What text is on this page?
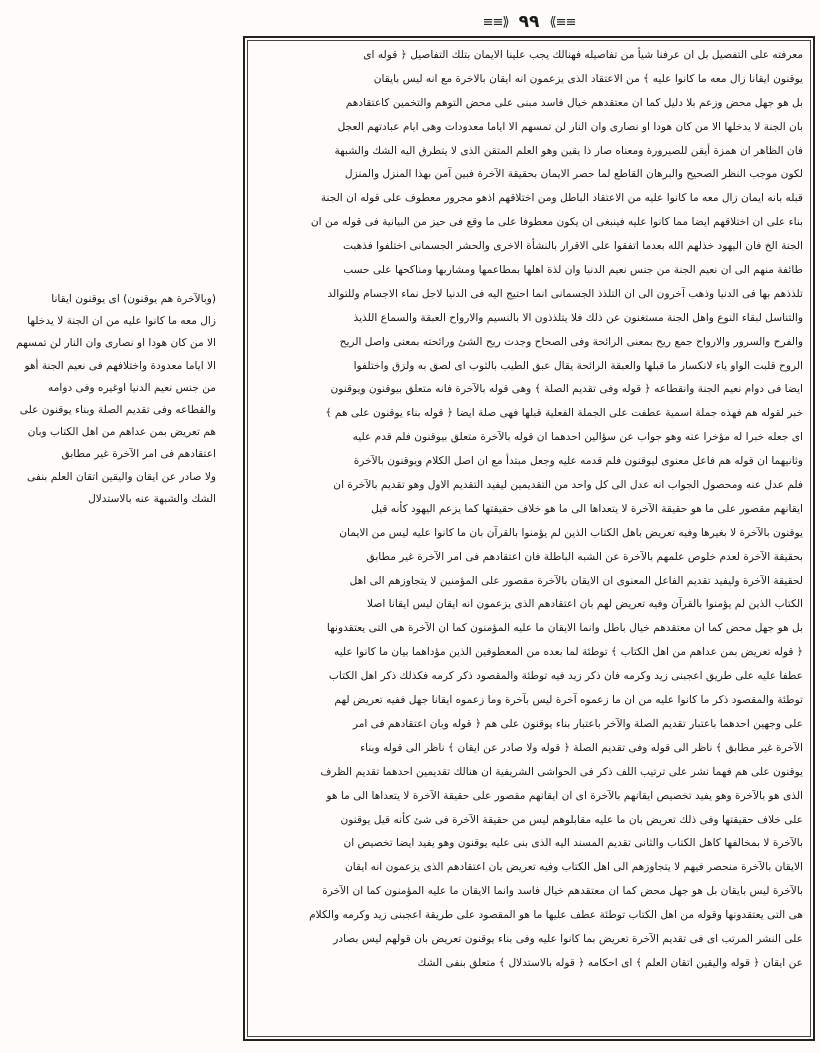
≡≡⟫ ٩٩ ⟪≡≡
معرفته على التفصيل بل ان عرفنا شيأ من تفاصيله فهنالك يجب علينا الايمان بتلك التفاصيل ﴿ قوله ای
يوقنون ايقانا زال معه ما كانوا عليه ﴾ من الاعتقاد الذى يزعمون انه ايقان بالاخرة مع انه ليس بايقان
بل هو جهل محض وزعم بلا دليل كما ان معتقدهم خيال فاسد مبنى على محض التوهم والتخمين كاعتقادهم
بان الجنة لا يدخلها الا من كان هودا او نصارى وان النار لن تمسهم الا اياما معدودات وهى ايام عبادتهم العجل
فان الظاهر ان همزة أيقن للصيرورة ومعناه صار ذا يقين وهو العلم المتقن الذى لا يتطرق اليه الشك والشبهة
لكون موجب النظر الصحيح والبرهان القاطع لما حصر الايمان بحقيقة الآخرة فبين آمن بهذا المنزل والمنزل
قبله بانه ايمان زال معه ما كانوا عليه من الاعتقاد الباطل ومن اختلاقهم اذهو مجرور معطوف على قوله ان الجنة
بناء على ان اختلاقهم ايضا مما كانوا عليه فينبغى ان يكون معطوفا على ما وقع فى حيز من البيانية فى قوله من ان
الجنة الخ فان اليهود خذلهم الله بعدما اتفقوا على الاقرار بالنشأة الاخرى والحشر الجسمانى اختلفوا فذهبت
طائفة منهم الى ان نعيم الجنة من جنس نعيم الدنيا وان لذة اهلها بمطاعمها ومشاربها ومناكحها على حسب
تلذذهم بها فى الدنيا وذهب آخرون الى ان التلذذ الجسمانى انما احتيج اليه فى الدنيا لاجل نماء الاجسام وللتوالد
والتناسل لبقاء النوع واهل الجنة مستغنون عن ذلك فلا يتلذذون الا بالنسيم والارواح العبقة والسماع اللذيذ
والفرح والسرور والارواح جمع ريح بمعنى الرائحة وفى الصحاح وجدت ريح الشئ ورائحته بمعنى واصل الريح
الروح قلبت الواو ياء لانكسار ما قبلها والعبقة الرائحة يقال عبق الطيب بالثوب اى لصق به ولزق واختلفوا
ايضا فى دوام نعيم الجنة وانقطاعه ﴿ قوله وفى تقديم الصلة ﴾ وهى قوله بالآخرة فانه متعلق بيوقنون ويوقنون
خبر لقوله هم فهذه جملة اسمية عطفت على الجملة الفعلية قبلها فهى صلة ايضا ﴿ قوله بناء يوقنون على هم ﴾
اى جعله خبرا له مؤخرا عنه وهو جواب عن سؤالين احدهما ان قوله بالآخرة متعلق بيوقنون فلم قدم عليه
وثانيهما ان قوله هم فاعل معنوى ليوقنون فلم قدمه عليه وجعل مبتدأ مع ان اصل الكلام ويوقنون بالآخرة
فلم عدل عنه ومحصول الجواب انه عدل الى كل واحد من التقديمين ليفيد التقديم الاول وهو تقديم بالآخرة ان
ايقانهم مقصور على ما هو حقيقة الآخرة لا يتعداها الى ما هو خلاف حقيقتها كما يزعم اليهود كأنه قيل
يوقنون بالآخرة لا بغيرها وفيه تعريض باهل الكتاب الذين لم يؤمنوا بالقرآن بان ما كانوا عليه ليس من الايمان
بحقيقة الآخرة لعدم خلوص علمهم بالآخرة عن الشبه الباطلة فان اعتقادهم فى امر الآخرة غير مطابق
لحقيقة الآخرة وليفيد تقديم الفاعل المعنوى ان الايقان بالآخرة مقصور على المؤمنين لا يتجاوزهم الى اهل
الكتاب الذين لم يؤمنوا بالقرآن وفيه تعريض لهم بان اعتقادهم الذى يزعمون انه ايقان ليس ايقانا اصلا
بل هو جهل محض كما ان معتقدهم خيال باطل وانما الايقان ما عليه المؤمنون كما ان الآخرة هى التى يعتقدونها
﴿ قوله تعريض بمن عداهم من اهل الكتاب ﴾ توطئة لما بعده من المعطوفين الذين مؤداهما بيان ما كانوا عليه
عطفا عليه على طريق اعجبنى زيد وكرمه فان ذكر زيد فيه توطئة والمقصود ذكر كرمه فكذلك ذكر اهل الكتاب
توطئة والمقصود ذكر ما كانوا عليه من ان ما زعموه آخرة ليس بآخرة وما زعموه ايقانا جهل ففيه تعريض لهم
على وجهين احدهما باعتبار تقديم الصلة والآخر باعتبار بناء يوقنون على هم ﴿ قوله وبان اعتقادهم فى امر
الآخرة غير مطابق ﴾ ناظر الى قوله وفى تقديم الصلة ﴿ قوله ولا صادر عن ايقان ﴾ ناظر الى قوله وبناء
يوقنون على هم فهما نشر على ترتيب اللف ذكر فى الحواشى الشريفية ان هنالك تقديمين احدهما تقديم الظرف
الذى هو بالآخرة وهو يفيد تخصيص ايقانهم بالآخرة اى ان ايقانهم مقصور على حقيقة الآخرة لا يتعداها الى ما هو
على خلاف حقيقتها وفى ذلك تعريض بان ما عليه مقابلوهم ليس من حقيقة الآخرة فى شئ كأنه قيل يوقنون
بالآخرة لا بمخالفها كاهل الكتاب والثانى تقديم المسند اليه الذى بنى عليه يوقنون وهو يفيد ايضا تخصيص ان
الايقان بالآخرة منحصر فيهم لا يتجاوزهم الى اهل الكتاب وفيه تعريض بان اعتقادهم الذى يزعمون انه ايقان
بالآخرة ليس بايقان بل هو جهل محض كما ان معتقدهم خيال فاسد وانما الايقان ما عليه المؤمنون كما ان الآخرة
هى التى يعتقدونها وقوله من اهل الكتاب توطئة عطف عليها ما هو المقصود على طريقة اعجبنى زيد وكرمه والكلام
على النشر المرتب اى فى تقديم الآخرة تعريض بما كانوا عليه وفى بناء يوقنون تعريض بان قولهم ليس بصادر
عن ايقان ﴿ قوله واليقين اتقان العلم ﴾ اى احكامه ﴿ قوله بالاستدلال ﴾ متعلق بنفى الشك
(وبالآخرة هم يوقنون) اى يوقنون ايقانا
زال معه ما كانوا عليه من ان الجنة لا يدخلها
الا من كان هودا او نصارى وان النار لن تمسهم
الا اياما معدودة واختلافهم فى نعيم الجنة أهو
من جنس نعيم الدنيا اوغيره وفى دوامه
والقطاعه وفى تقديم الصلة وبناء يوقنون على
هم تعريض بمن عداهم من اهل الكتاب وبان
اعتقادهم فى امر الآخرة غير مطابق
ولا صادر عن ايقان واليقين اتقان العلم بنفى
الشك والشبهة عنه بالاستدلال
